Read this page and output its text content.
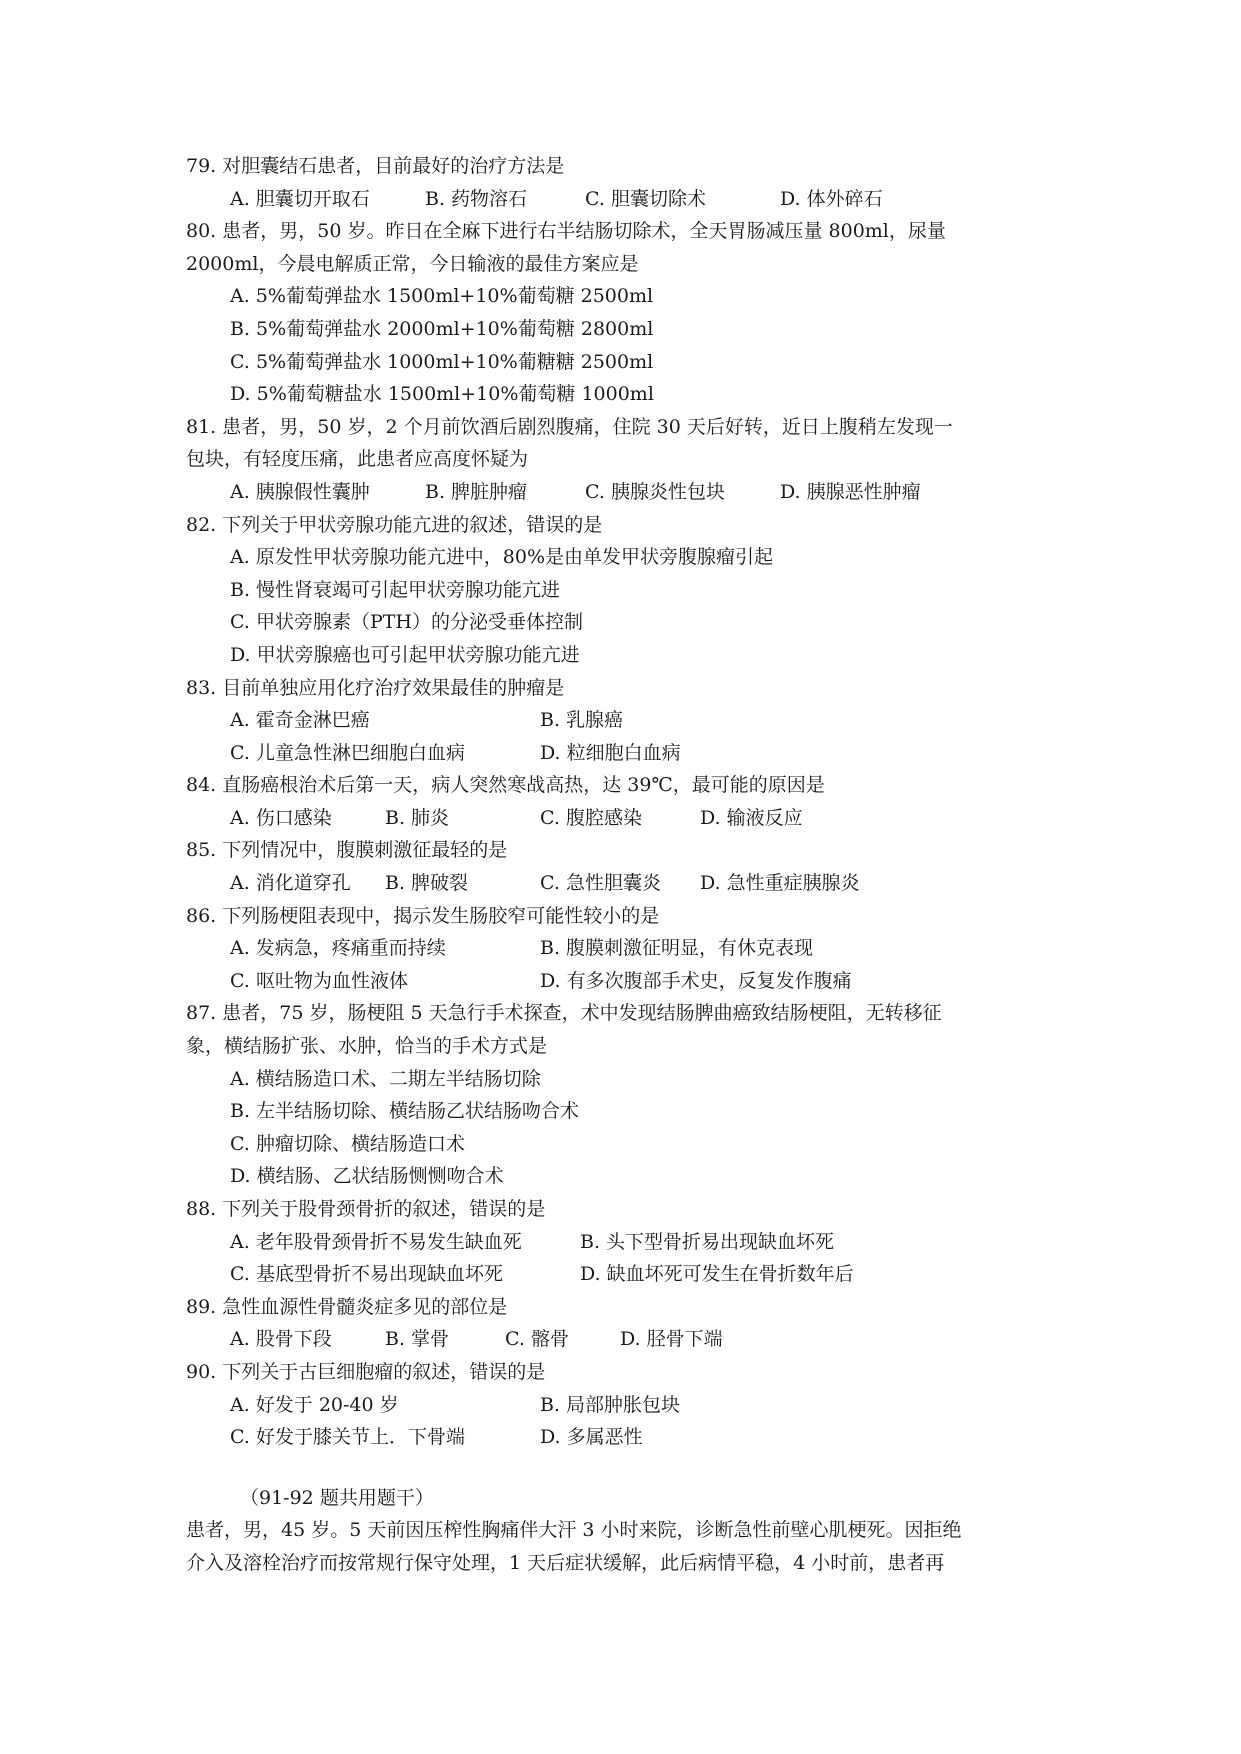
79. 对胆囊结石患者，目前最好的治疗方法是
A. 胆囊切开取石	B. 药物溶石	C. 胆囊切除术	D. 体外碎石
80. 患者，男，50 岁。昨日在全麻下进行右半结肠切除术，全天胃肠减压量 800ml，尿量
2000ml，今晨电解质正常，今日输液的最佳方案应是
A. 5%葡萄弹盐水 1500ml+10%葡萄糖 2500ml
B. 5%葡萄弹盐水 2000ml+10%葡萄糖 2800ml
C. 5%葡萄弹盐水 1000ml+10%葡糖糖 2500ml
D. 5%葡萄糖盐水 1500ml+10%葡萄糖 1000ml
81. 患者，男，50 岁，2 个月前饮酒后剧烈腹痛，住院 30 天后好转，近日上腹稍左发现一
包块，有轻度压痛，此患者应高度怀疑为
A. 胰腺假性囊肿	B. 脾脏肿瘤	C. 胰腺炎性包块	D. 胰腺恶性肿瘤
82. 下列关于甲状旁腺功能亢进的叙述，错误的是
A. 原发性甲状旁腺功能亢进中，80%是由单发甲状旁腹腺瘤引起
B. 慢性肾衰竭可引起甲状旁腺功能亢进
C. 甲状旁腺素（PTH）的分泌受垂体控制
D. 甲状旁腺癌也可引起甲状旁腺功能亢进
83. 目前单独应用化疗治疗效果最佳的肿瘤是
A. 霍奇金淋巴癌	B. 乳腺癌
C. 儿童急性淋巴细胞白血病	D. 粒细胞白血病
84. 直肠癌根治术后第一天，病人突然寒战高热，达 39℃，最可能的原因是
A. 伤口感染	B. 肺炎	C. 腹腔感染	D. 输液反应
85. 下列情况中，腹膜刺激征最轻的是
A. 消化道穿孔 B. 脾破裂	C. 急性胆囊炎 D. 急性重症胰腺炎
86. 下列肠梗阻表现中，揭示发生肠胶窄可能性较小的是
A. 发病急，疼痛重而持续	B. 腹膜刺激征明显，有休克表现
C. 呕吐物为血性液体	D. 有多次腹部手术史，反复发作腹痛
87. 患者，75 岁，肠梗阻 5 天急行手术探查，术中发现结肠脾曲癌致结肠梗阻，无转移征
象，横结肠扩张、水肿，恰当的手术方式是
A. 横结肠造口术、二期左半结肠切除
B. 左半结肠切除、横结肠乙状结肠吻合术
C. 肿瘤切除、横结肠造口术
D. 横结肠、乙状结肠恻恻吻合术
88. 下列关于股骨颈骨折的叙述，错误的是
A. 老年股骨颈骨折不易发生缺血死	B. 头下型骨折易出现缺血坏死
C. 基底型骨折不易出现缺血坏死	D. 缺血坏死可发生在骨折数年后
89. 急性血源性骨髓炎症多见的部位是
A. 股骨下段	B. 掌骨	C. 髂骨	D. 胫骨下端
90. 下列关于古巨细胞瘤的叙述，错误的是
A. 好发于 20-40 岁	B. 局部肿胀包块
C. 好发于膝关节上．下骨端	D. 多属恶性
（91-92 题共用题干）
患者，男，45 岁。5 天前因压榨性胸痛伴大汗 3 小时来院，诊断急性前壁心肌梗死。因拒绝
介入及溶栓治疗而按常规行保守处理，1 天后症状缓解，此后病情平稳，4 小时前，患者再
